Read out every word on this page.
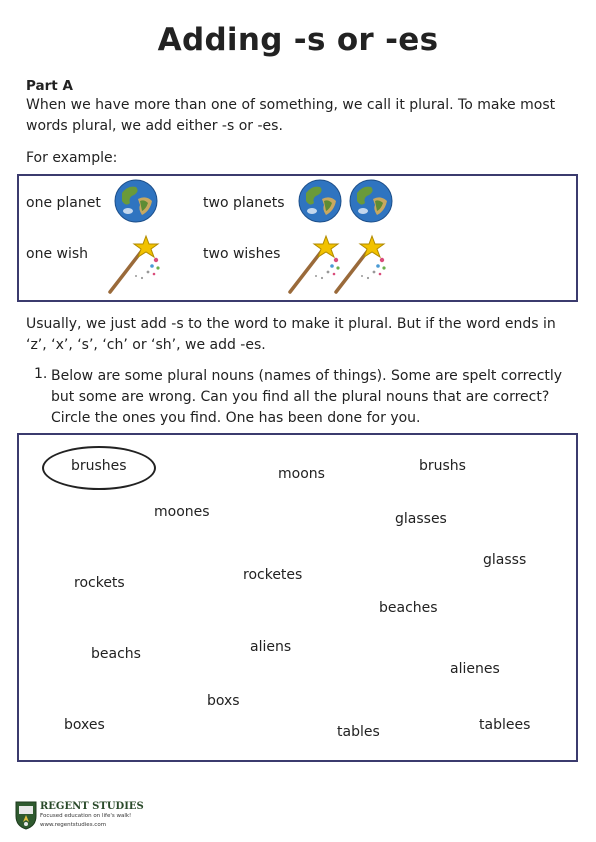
Adding -s or -es
Part A
When we have more than one of something, we call it plural. To make most words plural, we add either -s or -es.
For example:
one planet	two planets
one wish	two wishes
Usually, we just add -s to the word to make it plural. But if the word ends in ‘z’, ‘x’, ‘s’, ‘ch’ or ‘sh’, we add -es.
1. Below are some plural nouns (names of things). Some are spelt correctly but some are wrong. Can you find all the plural nouns that are correct? Circle the ones you find. One has been done for you.
brushes	moons	brushs
moones	glasses
glasss
rockets	rocketes
beaches
beachs	aliens
alienes
boxs
boxes	tables	tablees
REGENT STUDIES
Focused education on life's walk!
www.regentstudies.com
